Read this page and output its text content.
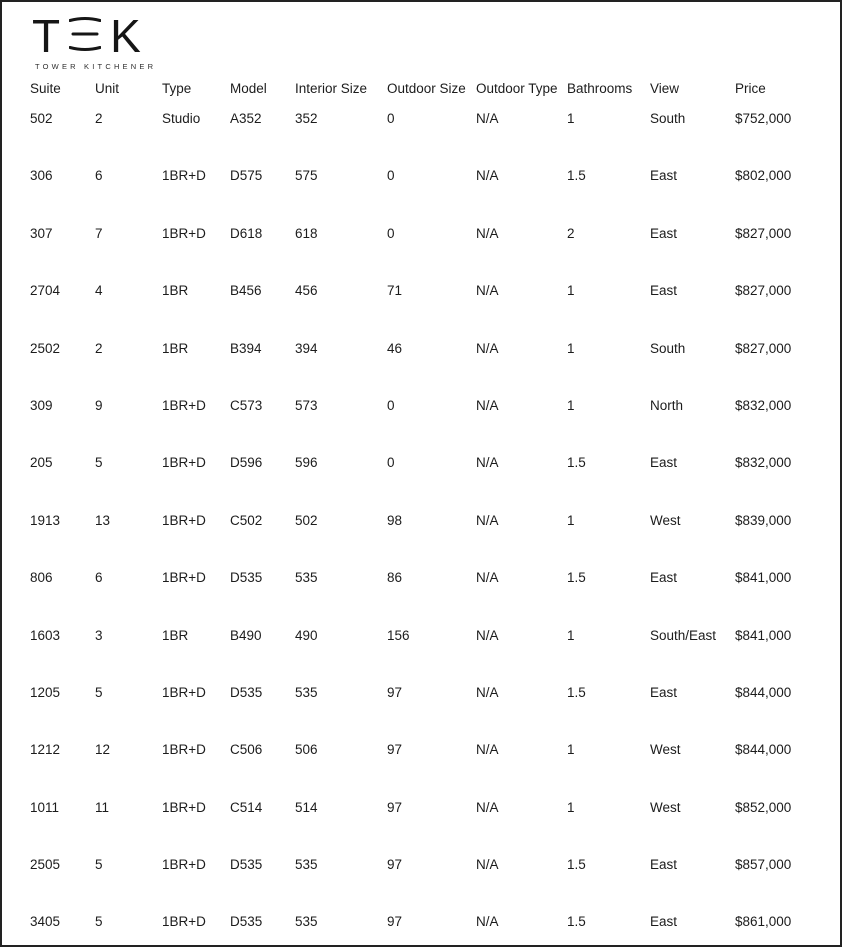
T K
TOWER KITCHENER
Suite	Unit	Type	Model	Interior Size	Outdoor Size	Outdoor Type	Bathrooms	View	Price
502	2	Studio	A352	352	0	N/A	1	South	$752,000
306	6	1BR+D	D575	575	0	N/A	1.5	East	$802,000
307	7	1BR+D	D618	618	0	N/A	2	East	$827,000
2704	4	1BR	B456	456	71	N/A	1	East	$827,000
2502	2	1BR	B394	394	46	N/A	1	South	$827,000
309	9	1BR+D	C573	573	0	N/A	1	North	$832,000
205	5	1BR+D	D596	596	0	N/A	1.5	East	$832,000
1913	13	1BR+D	C502	502	98	N/A	1	West	$839,000
806	6	1BR+D	D535	535	86	N/A	1.5	East	$841,000
1603	3	1BR	B490	490	156	N/A	1	South/East	$841,000
1205	5	1BR+D	D535	535	97	N/A	1.5	East	$844,000
1212	12	1BR+D	C506	506	97	N/A	1	West	$844,000
1011	11	1BR+D	C514	514	97	N/A	1	West	$852,000
2505	5	1BR+D	D535	535	97	N/A	1.5	East	$857,000
3405	5	1BR+D	D535	535	97	N/A	1.5	East	$861,000
